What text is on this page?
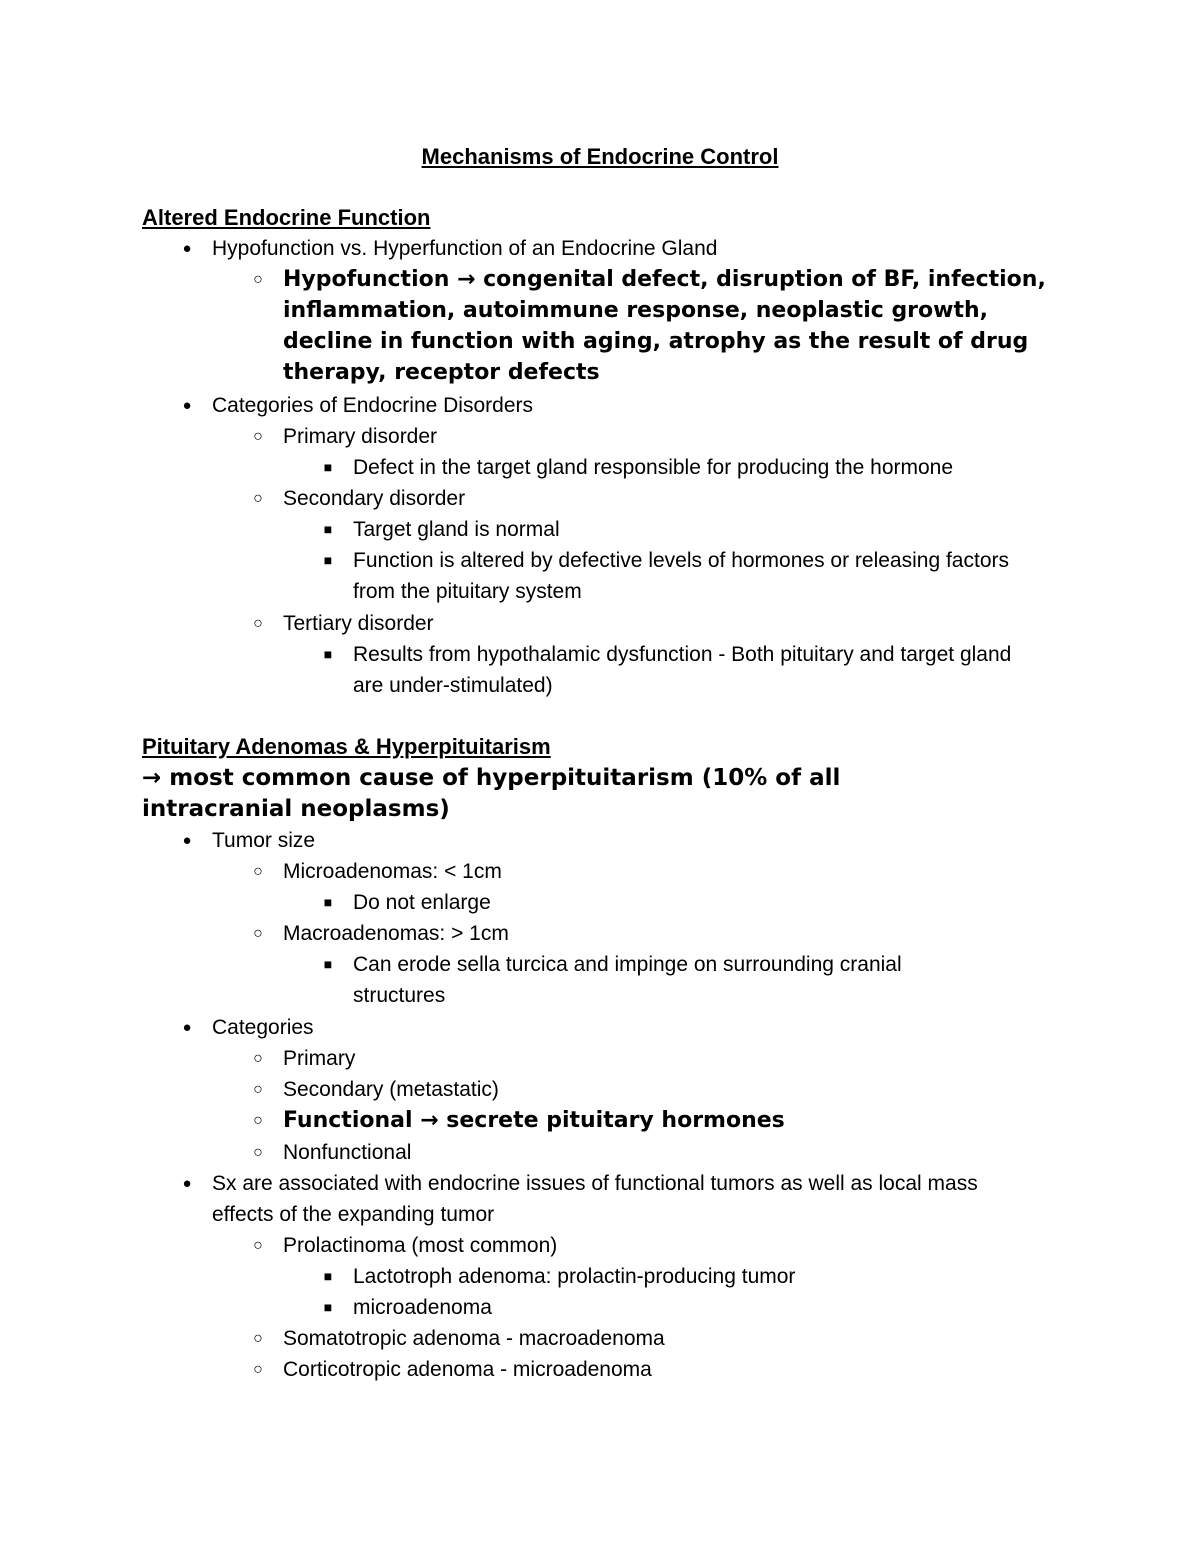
Mechanisms of Endocrine Control
Altered Endocrine Function
● Hypofunction vs. Hyperfunction of an Endocrine Gland
○ Hypofunction → congenital defect, disruption of BF, infection, inflammation, autoimmune response, neoplastic growth, decline in function with aging, atrophy as the result of drug therapy, receptor defects
● Categories of Endocrine Disorders
○ Primary disorder
■ Defect in the target gland responsible for producing the hormone
○ Secondary disorder
■ Target gland is normal
■ Function is altered by defective levels of hormones or releasing factors from the pituitary system
○ Tertiary disorder
■ Results from hypothalamic dysfunction - Both pituitary and target gland are under-stimulated)
Pituitary Adenomas & Hyperpituitarism
→ most common cause of hyperpituitarism (10% of all intracranial neoplasms)
● Tumor size
○ Microadenomas: < 1cm
■ Do not enlarge
○ Macroadenomas: > 1cm
■ Can erode sella turcica and impinge on surrounding cranial structures
● Categories
○ Primary
○ Secondary (metastatic)
○ Functional → secrete pituitary hormones
○ Nonfunctional
● Sx are associated with endocrine issues of functional tumors as well as local mass effects of the expanding tumor
○ Prolactinoma (most common)
■ Lactotroph adenoma: prolactin-producing tumor
■ microadenoma
○ Somatotropic adenoma - macroadenoma
○ Corticotropic adenoma - microadenoma
